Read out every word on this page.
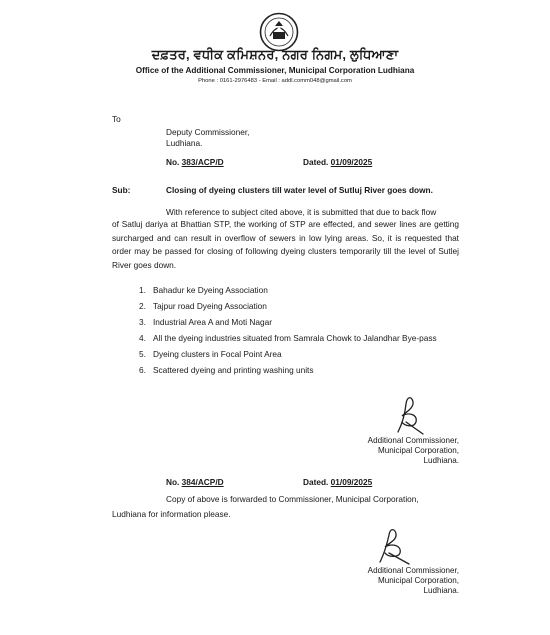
ਦਫ਼ਤਰ, ਵਧੀਕ ਕਮਿਸ਼ਨਰ, ਨਗਰ ਨਿਗਮ, ਲੁਧਿਆਣਾ
Office of the Additional Commissioner, Municipal Corporation Ludhiana
Phone : 0161-2976483 - Email : addl.comm048@gmail.com
To
Deputy Commissioner,
Ludhiana.
No. 383/ACP/D	Dated. 01/09/2025
Sub:	Closing of dyeing clusters till water level of Sutluj River goes down.
With reference to subject cited above, it is submitted that due to back flow
of Satluj dariya at Bhattian STP, the working of STP are effected, and sewer lines are getting surcharged and can result in overflow of sewers in low lying areas. So, it is requested that order may be passed for closing of following dyeing clusters temporarily till the level of Sutlej River goes down.
1. Bahadur ke Dyeing Association
2. Tajpur road Dyeing Association
3. Industrial Area A and Moti Nagar
4. All the dyeing industries situated from Samrala Chowk to Jalandhar Bye-pass
5. Dyeing clusters in Focal Point Area
6. Scattered dyeing and printing washing units
Additional Commissioner,
Municipal Corporation,
Ludhiana.
No. 384/ACP/D	Dated. 01/09/2025
Copy of above is forwarded to Commissioner, Municipal Corporation,
Ludhiana for information please.
Additional Commissioner,
Municipal Corporation,
Ludhiana.
